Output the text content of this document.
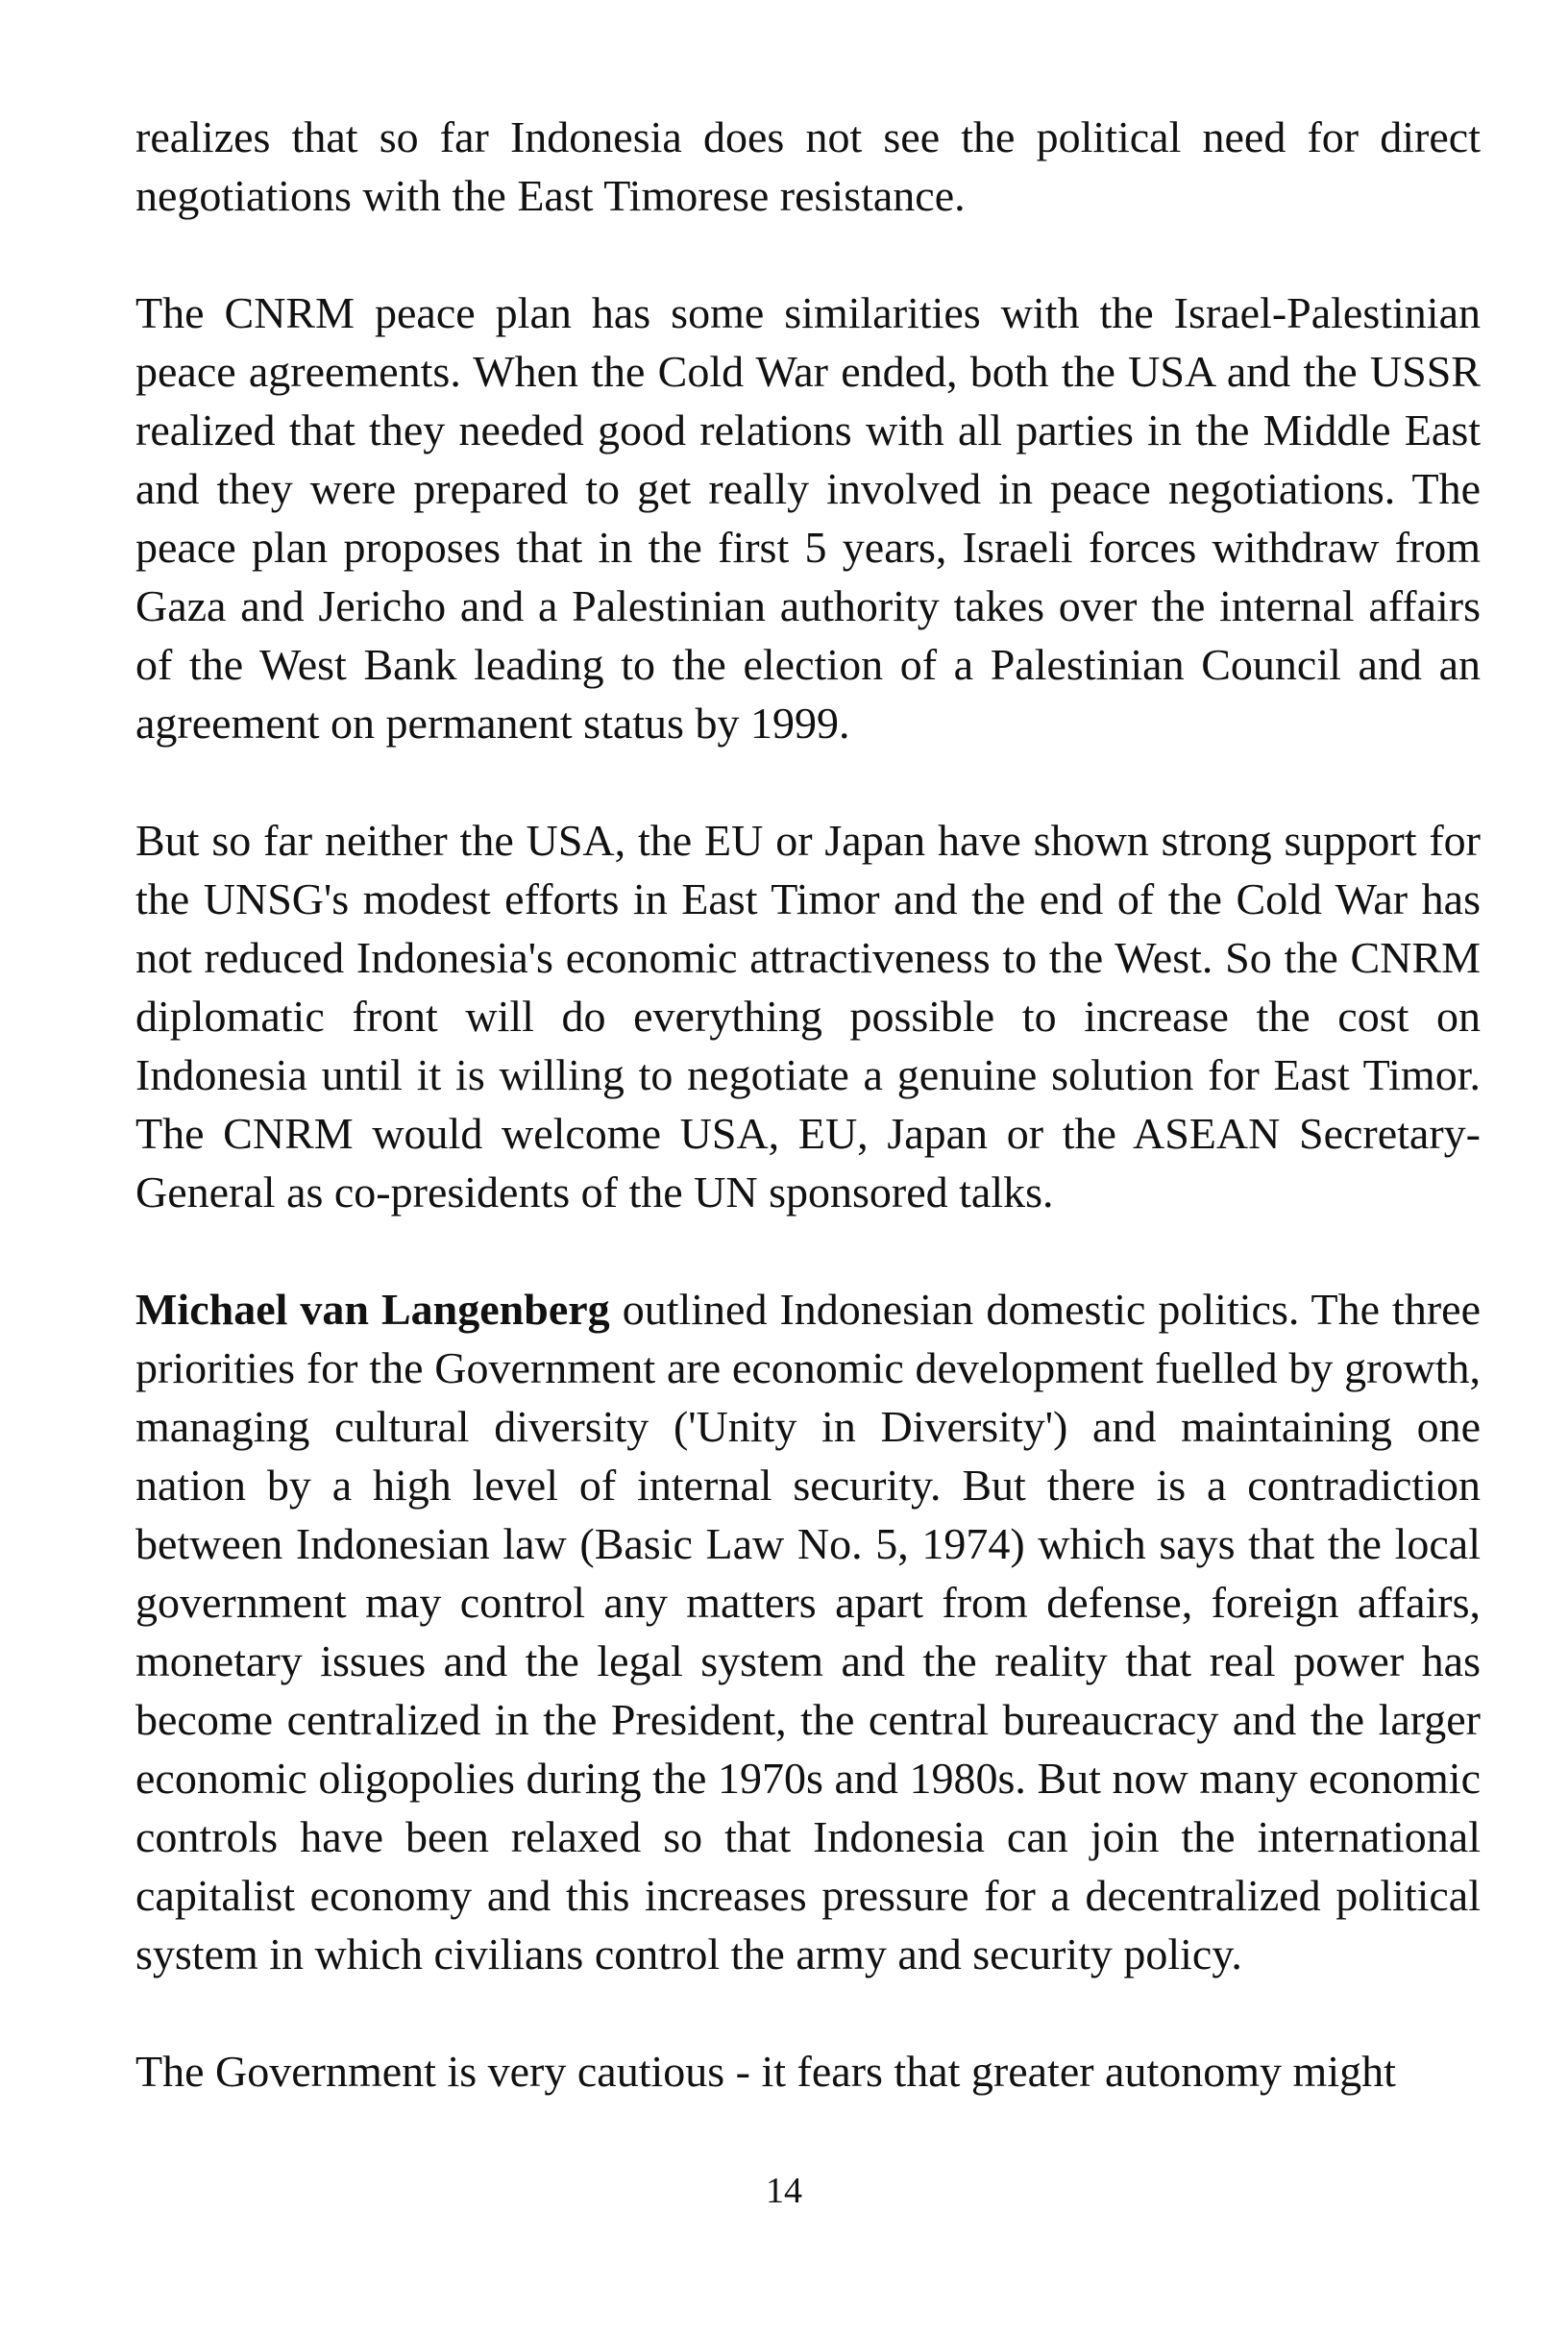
realizes that so far Indonesia does not see the political need for direct negotiations with the East Timorese resistance.

The CNRM peace plan has some similarities with the Israel-Palestinian peace agreements. When the Cold War ended, both the USA and the USSR realized that they needed good relations with all parties in the Middle East and they were prepared to get really involved in peace negotiations. The peace plan proposes that in the first 5 years, Israeli forces withdraw from Gaza and Jericho and a Palestinian authority takes over the internal affairs of the West Bank leading to the election of a Palestinian Council and an agreement on permanent status by 1999.

But so far neither the USA, the EU or Japan have shown strong support for the UNSG's modest efforts in East Timor and the end of the Cold War has not reduced Indonesia's economic attractiveness to the West. So the CNRM diplomatic front will do everything possible to increase the cost on Indonesia until it is willing to negotiate a genuine solution for East Timor. The CNRM would welcome USA, EU, Japan or the ASEAN Secretary-General as co-presidents of the UN sponsored talks.

Michael van Langenberg outlined Indonesian domestic politics. The three priorities for the Government are economic development fuelled by growth, managing cultural diversity ('Unity in Diversity') and maintaining one nation by a high level of internal security. But there is a contradiction between Indonesian law (Basic Law No. 5, 1974) which says that the local government may control any matters apart from defense, foreign affairs, monetary issues and the legal system and the reality that real power has become centralized in the President, the central bureaucracy and the larger economic oligopolies during the 1970s and 1980s. But now many economic controls have been relaxed so that Indonesia can join the international capitalist economy and this increases pressure for a decentralized political system in which civilians control the army and security policy.

The Government is very cautious - it fears that greater autonomy might

14
